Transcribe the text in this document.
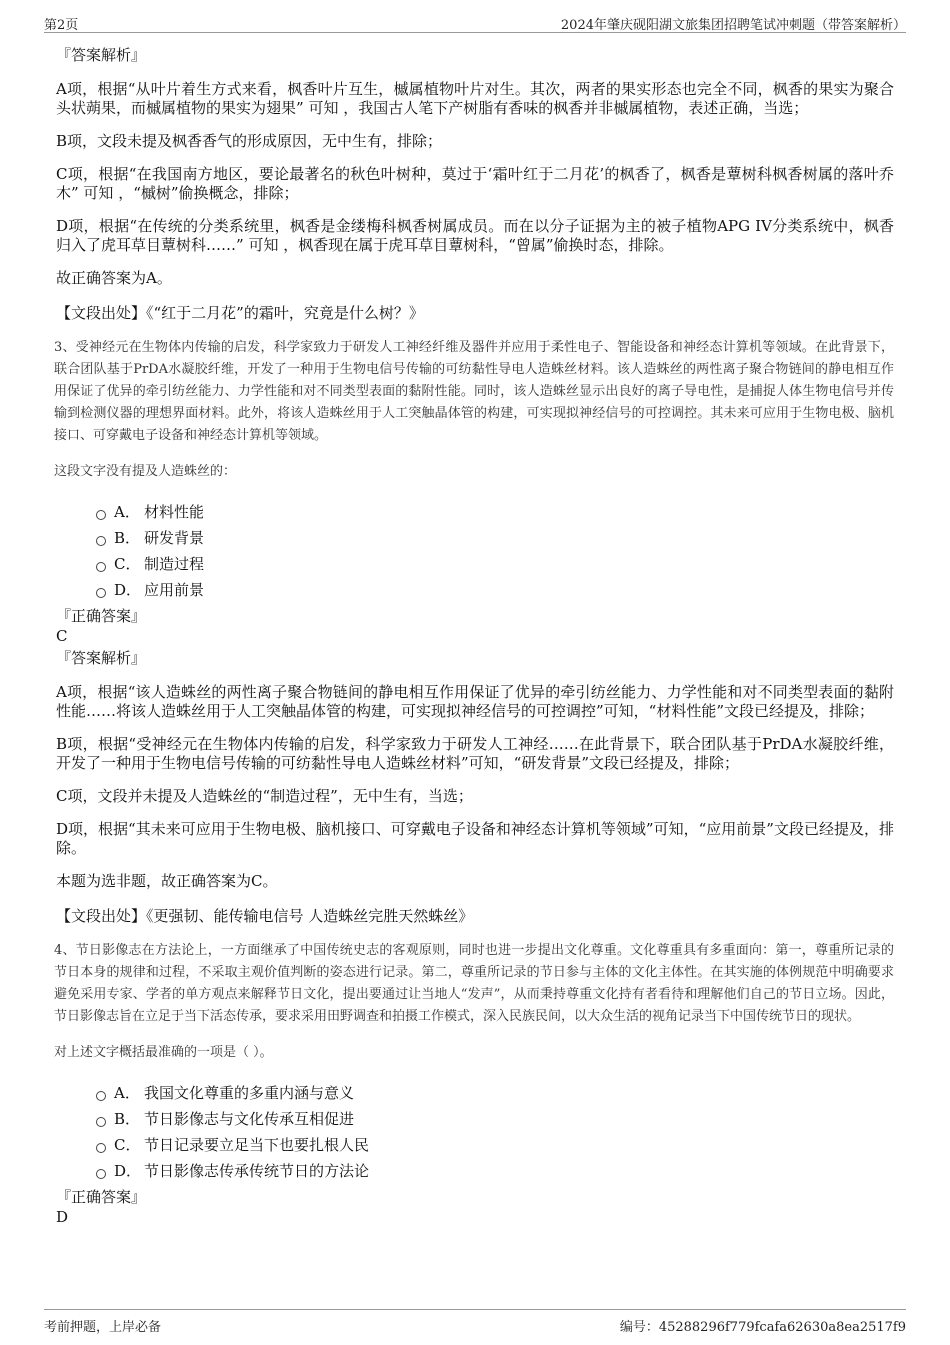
第2页	2024年肇庆砚阳湖文旅集团招聘笔试冲刺题（带答案解析）
『答案解析』

A项，根据“从叶片着生方式来看，枫香叶片互生，槭属植物叶片对生。其次，两者的果实形态也完全不同，枫香的果实为聚合头状蒴果，而槭属植物的果实为翅果” 可知 ，我国古人笔下产树脂有香味的枫香并非槭属植物，表述正确，当选；

B项，文段未提及枫香香气的形成原因，无中生有，排除；

C项，根据“在我国南方地区，要论最著名的秋色叶树种，莫过于‘霜叶红于二月花’的枫香了，枫香是蕈树科枫香树属的落叶乔木” 可知 ，“槭树”偷换概念，排除；

D项，根据“在传统的分类系统里，枫香是金缕梅科枫香树属成员。而在以分子证据为主的被子植物APG IV分类系统中，枫香归入了虎耳草目蕈树科……” 可知 ，枫香现在属于虎耳草目蕈树科，“曾属”偷换时态，排除。

故正确答案为A。

【文段出处】《“红于二月花”的霜叶，究竟是什么树？》

3、受神经元在生物体内传输的启发，科学家致力于研发人工神经纤维及器件并应用于柔性电子、智能设备和神经态计算机等领域。在此背景下，联合团队基于PrDA水凝胶纤维，开发了一种用于生物电信号传输的可纺黏性导电人造蛛丝材料。该人造蛛丝的两性离子聚合物链间的静电相互作用保证了优异的牵引纺丝能力、力学性能和对不同类型表面的黏附性能。同时，该人造蛛丝显示出良好的离子导电性，是捕捉人体生物电信号并传输到检测仪器的理想界面材料。此外，将该人造蛛丝用于人工突触晶体管的构建，可实现拟神经信号的可控调控。其未来可应用于生物电极、脑机接口、可穿戴电子设备和神经态计算机等领域。

这段文字没有提及人造蛛丝的：

A． 材料性能
B． 研发背景
C． 制造过程
D． 应用前景
『正确答案』
C
『答案解析』

A项，根据“该人造蛛丝的两性离子聚合物链间的静电相互作用保证了优异的牵引纺丝能力、力学性能和对不同类型表面的黏附性能……将该人造蛛丝用于人工突触晶体管的构建，可实现拟神经信号的可控调控”可知，“材料性能”文段已经提及，排除；

B项，根据“受神经元在生物体内传输的启发，科学家致力于研发人工神经……在此背景下，联合团队基于PrDA水凝胶纤维，开发了一种用于生物电信号传输的可纺黏性导电人造蛛丝材料”可知，“研发背景”文段已经提及，排除；

C项，文段并未提及人造蛛丝的“制造过程”，无中生有，当选；

D项，根据“其未来可应用于生物电极、脑机接口、可穿戴电子设备和神经态计算机等领域”可知，“应用前景”文段已经提及，排除。

本题为选非题，故正确答案为C。

【文段出处】《更强韧、能传输电信号 人造蛛丝完胜天然蛛丝》

4、节日影像志在方法论上，一方面继承了中国传统史志的客观原则，同时也进一步提出文化尊重。文化尊重具有多重面向：第一，尊重所记录的节日本身的规律和过程，不采取主观价值判断的姿态进行记录。第二，尊重所记录的节日参与主体的文化主体性。在其实施的体例规范中明确要求避免采用专家、学者的单方观点来解释节日文化，提出要通过让当地人“发声”，从而秉持尊重文化持有者看待和理解他们自己的节日立场。因此，节日影像志旨在立足于当下活态传承，要求采用田野调查和拍摄工作模式，深入民族民间，以大众生活的视角记录当下中国传统节日的现状。

对上述文字概括最准确的一项是（ ）。

A． 我国文化尊重的多重内涵与意义
B． 节日影像志与文化传承互相促进
C． 节日记录要立足当下也要扎根人民
D． 节日影像志传承传统节日的方法论
『正确答案』
D
考前押题，上岸必备	编号：45288296f779fcafa62630a8ea2517f9
